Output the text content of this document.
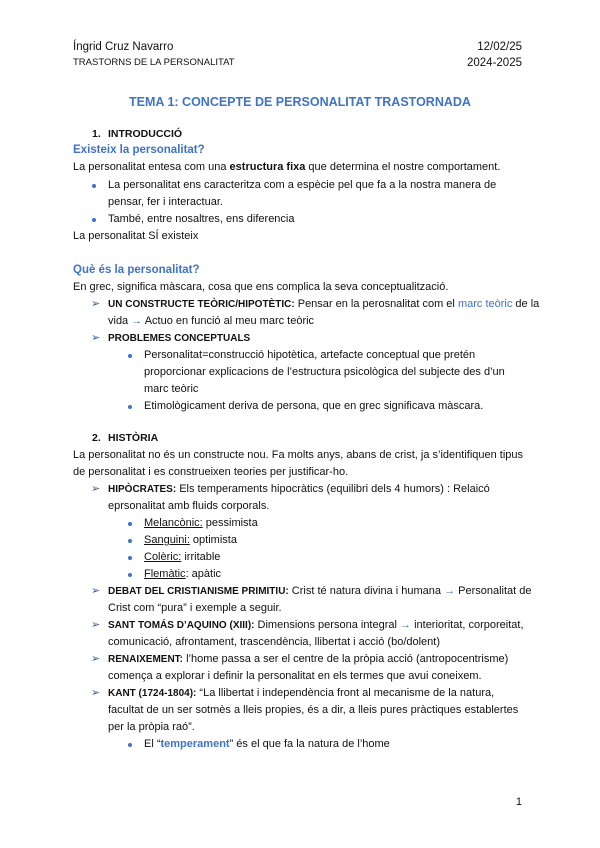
Íngrid Cruz Navarro
TRASTORNS DE LA PERSONALITAT
12/02/25
2024-2025
TEMA 1: CONCEPTE DE PERSONALITAT TRASTORNADA
1. INTRODUCCIÓ
Existeix la personalitat?
La personalitat entesa com una estructura fixa que determina el nostre comportament.
La personalitat ens caracteritza com a espècie pel que fa a la nostra manera de
pensar, fer i interactuar.
També, entre nosaltres, ens diferencia
La personalitat SÍ existeix
Què és la personalitat?
En grec, significa màscara, cosa que ens complica la seva conceptualització.
➢ UN CONSTRUCTE TEÒRIC/HIPOTÈTIC: Pensar en la perosnalitat com el marc teòric de la
vida → Actuo en funció al meu marc teòric
➢ PROBLEMES CONCEPTUALS
Personalitat=construcció hipotètica, artefacte conceptual que pretén
proporcionar explicacions de l’estructura psicològica del subjecte des d’un
marc teòric
Etimològicament deriva de persona, que en grec significava màscara.
2. HISTÒRIA
La personalitat no és un constructe nou. Fa molts anys, abans de crist, ja s’identifiquen tipus
de personalitat i es construeixen teories per justificar-ho.
➢ HIPÒCRATES: Els temperaments hipocràtics (equilibri dels 4 humors) : Relaicó
eprsonalitat amb fluids corporals.
Melancònic: pessimista
Sanguini: optimista
Colèric: irritable
Flemàtic: apàtic
➢ DEBAT DEL CRISTIANISME PRIMITIU: Crist té natura divina i humana → Personalitat de
Crist com “pura” i exemple a seguir.
➢ SANT TOMÁS D’AQUINO (XIII): Dimensions persona integral → interioritat, corporeitat,
comunicació, afrontament, trascendència, llibertat i acció (bo/dolent)
➢ RENAIXEMENT: l’home passa a ser el centre de la pròpia acció (antropocentrisme)
comença a explorar i definir la personalitat en els termes que avui coneixem.
➢ KANT (1724-1804): “La llibertat i independència front al mecanisme de la natura,
facultat de un ser sotmès a lleis propies, és a dir, a lleis pures pràctiques establertes
per la pròpia raó”.
El “temperament” és el que fa la natura de l’home
1
